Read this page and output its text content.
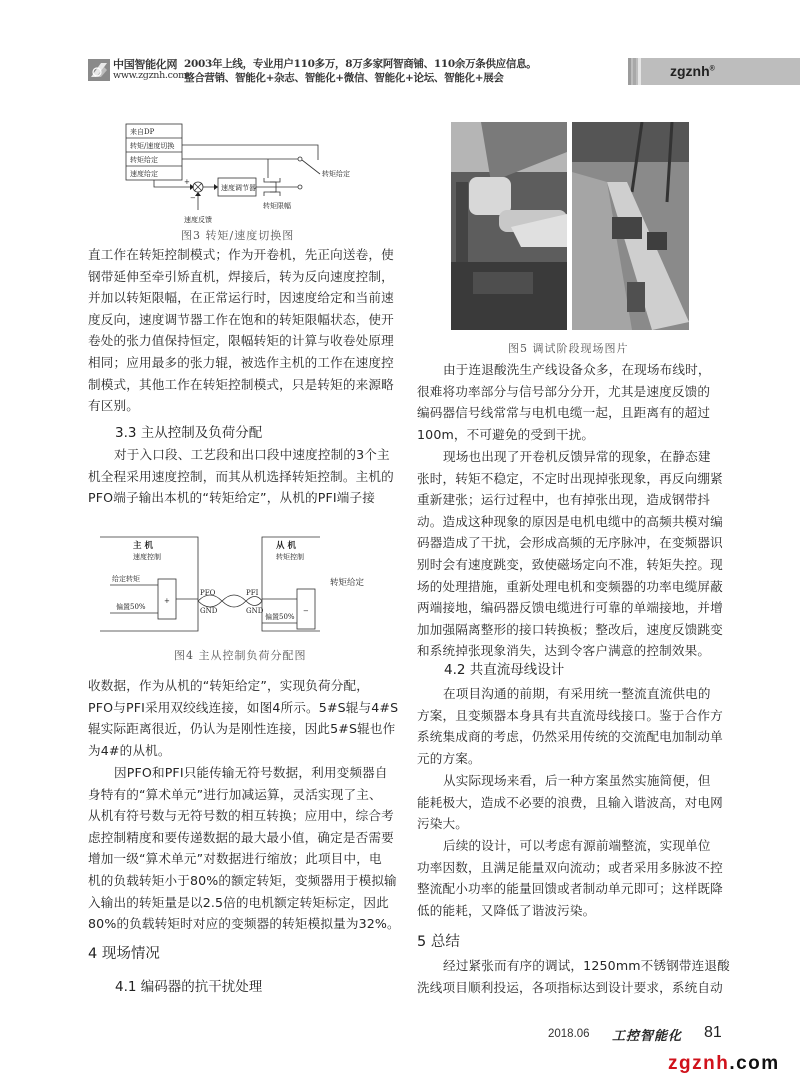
中国智能化网
www.zgznh.com
2003年上线，专业用户110多万，8万多家阿智商铺、110余万条供应信息。
整合营销、智能化+杂志、智能化+微信、智能化+论坛、智能化+展会	zgznh®
来自DP
转矩/速度切换
转矩给定
速度给定
+
−
速度调节器
转矩限幅
转矩给定
速度反馈
图3 转矩/速度切换图
直工作在转矩控制模式；作为开卷机，先正向送卷，使
钢带延伸至牵引矫直机，焊接后，转为反向速度控制，
并加以转矩限幅，在正常运行时，因速度给定和当前速
度反向，速度调节器工作在饱和的转矩限幅状态，使开
卷处的张力值保持恒定，限幅转矩的计算与收卷处原理
相同；应用最多的张力辊，被选作主机的工作在速度控
制模式，其他工作在转矩控制模式，只是转矩的来源略
有区别。
3.3 主从控制及负荷分配
对于入口段、工艺段和出口段中速度控制的3个主
机全程采用速度控制，而其从机选择转矩控制。主机的
PFO端子输出本机的“转矩给定”，从机的PFI端子接
主 机
速度控制
从 机
转矩控制
给定转矩
偏置50%
+
−
偏置50%
PFO	PFI
GND	GND
转矩给定
图4 主从控制负荷分配图
收数据，作为从机的“转矩给定”，实现负荷分配，
PFO与PFI采用双绞线连接，如图4所示。5#S辊与4#S
辊实际距离很近，仍认为是刚性连接，因此5#S辊也作
为4#的从机。
因PFO和PFI只能传输无符号数据，利用变频器自
身特有的“算术单元”进行加减运算，灵活实现了主、
从机有符号数与无符号数的相互转换；应用中，综合考
虑控制精度和要传递数据的最大最小值，确定是否需要
增加一级“算术单元”对数据进行缩放；此项目中，电
机的负载转矩小于80%的额定转矩，变频器用于模拟输
入输出的转矩量是以2.5倍的电机额定转矩标定，因此
80%的负载转矩时对应的变频器的转矩模拟量为32%。
4 现场情况
4.1 编码器的抗干扰处理
图5 调试阶段现场图片
由于连退酸洗生产线设备众多，在现场布线时，
很难将功率部分与信号部分分开，尤其是速度反馈的
编码器信号线常常与电机电缆一起，且距离有的超过
100m，不可避免的受到干扰。
现场也出现了开卷机反馈异常的现象，在静态建
张时，转矩不稳定，不定时出现掉张现象，再反向绷紧
重新建张；运行过程中，也有掉张出现，造成钢带抖
动。造成这种现象的原因是电机电缆中的高频共模对编
码器造成了干扰，会形成高频的无序脉冲，在变频器识
别时会有速度跳变，致使磁场定向不准，转矩失控。现
场的处理措施，重新处理电机和变频器的功率电缆屏蔽
两端接地，编码器反馈电缆进行可靠的单端接地，并增
加加强隔离整形的接口转换板；整改后，速度反馈跳变
和系统掉张现象消失，达到令客户满意的控制效果。
4.2 共直流母线设计
在项目沟通的前期，有采用统一整流直流供电的
方案，且变频器本身具有共直流母线接口。鉴于合作方
系统集成商的考虑，仍然采用传统的交流配电加制动单
元的方案。
从实际现场来看，后一种方案虽然实施简便，但
能耗极大，造成不必要的浪费，且输入谐波高，对电网
污染大。
后续的设计，可以考虑有源前端整流，实现单位
功率因数，且满足能量双向流动；或者采用多脉波不控
整流配小功率的能量回馈或者制动单元即可；这样既降
低的能耗，又降低了谐波污染。
5 总结
经过紧张而有序的调试，1250mm不锈钢带连退酸
洗线项目顺利投运，各项指标达到设计要求，系统自动
2018.06 工控智能化 81
zgznh.com
